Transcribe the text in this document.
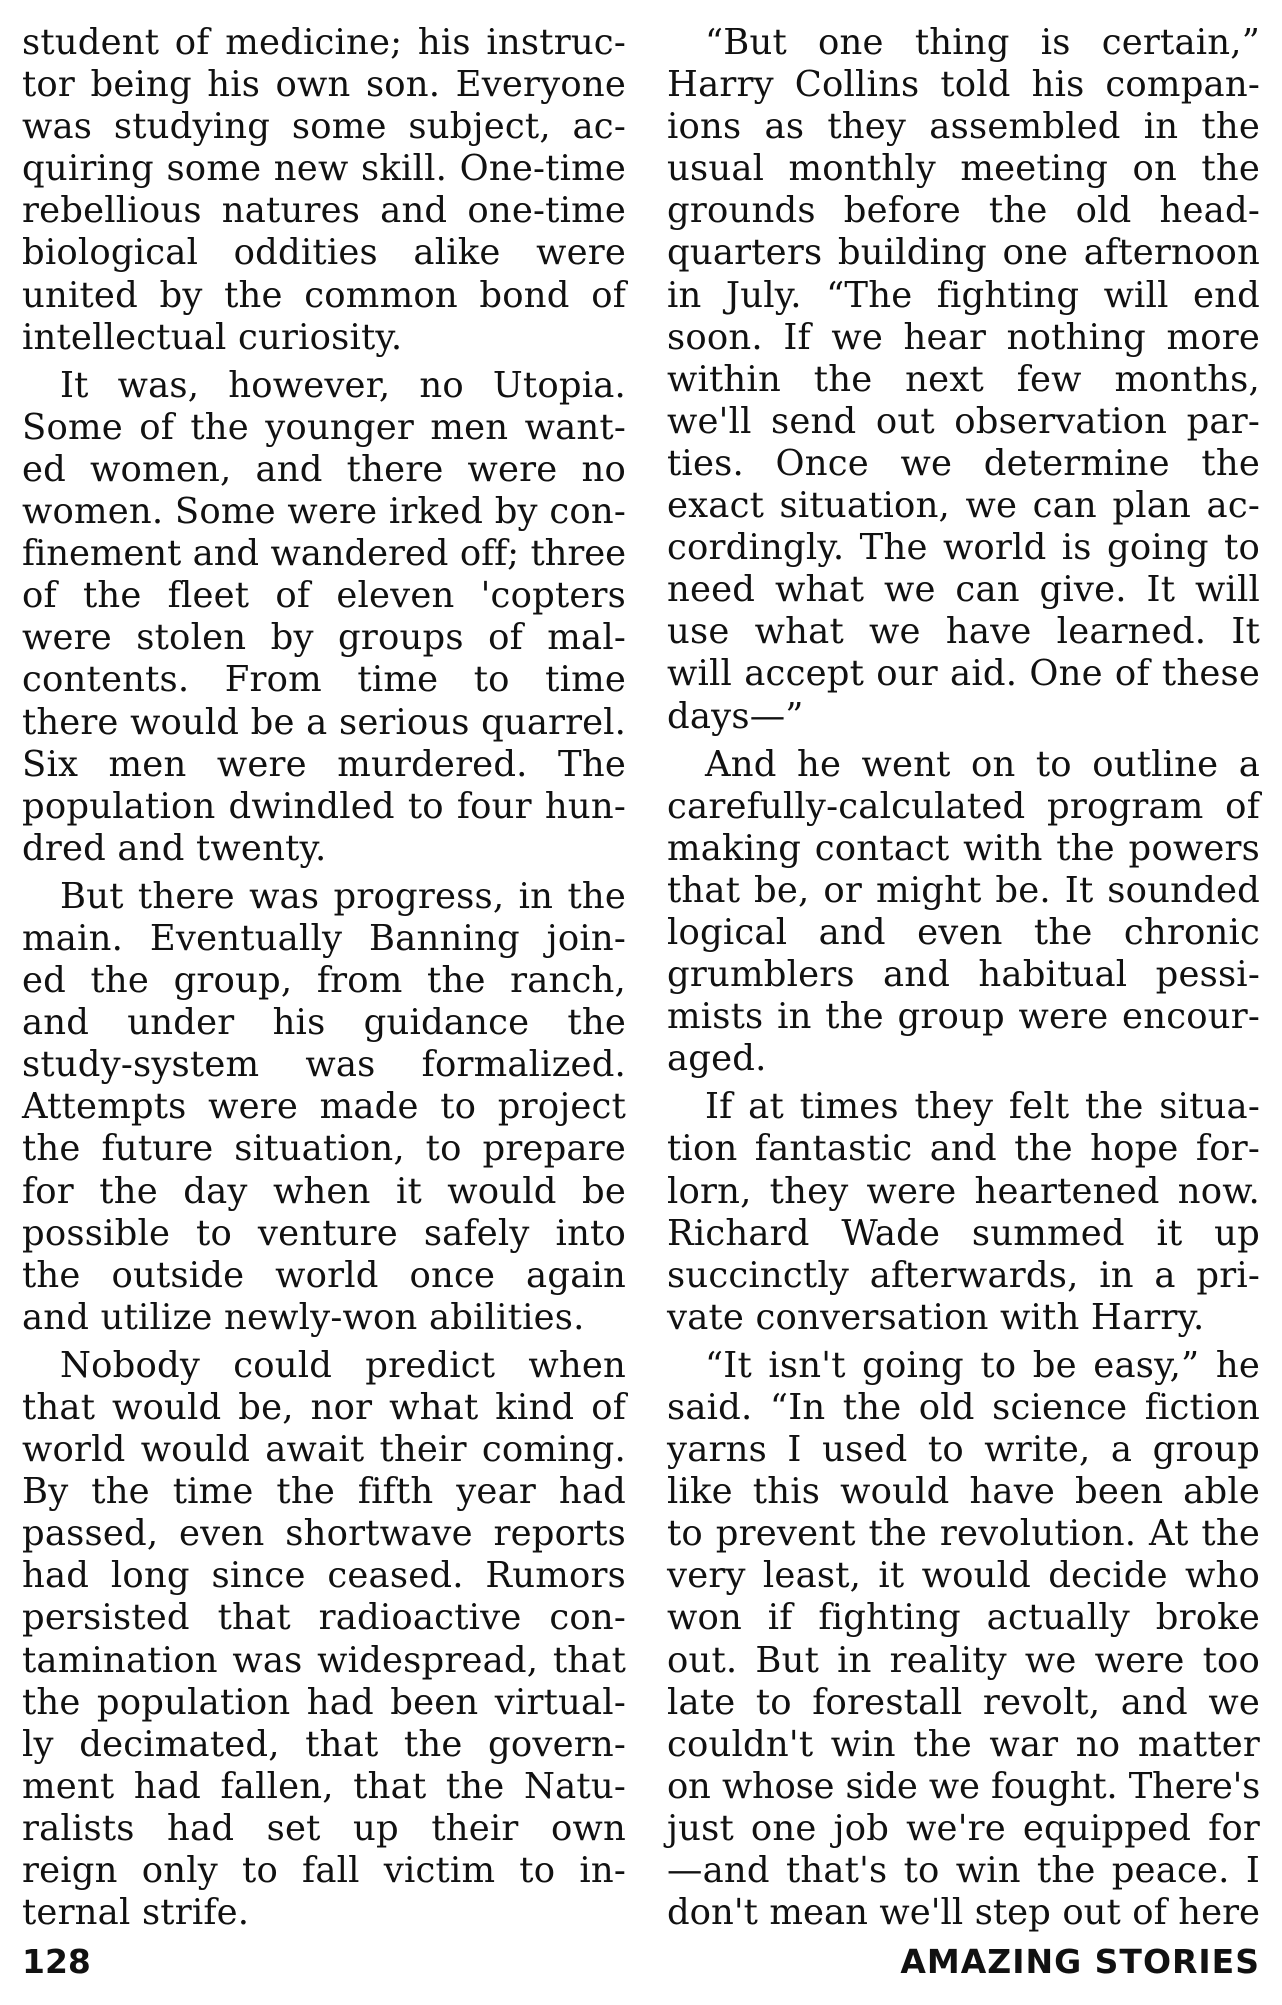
student of medicine; his instruc-
tor being his own son. Everyone
was studying some subject, ac-
quiring some new skill. One-time
rebellious natures and one-time
biological oddities alike were
united by the common bond of
intellectual curiosity.

It was, however, no Utopia.
Some of the younger men want-
ed women, and there were no
women. Some were irked by con-
finement and wandered off; three
of the fleet of eleven 'copters
were stolen by groups of mal-
contents. From time to time
there would be a serious quarrel.
Six men were murdered. The
population dwindled to four hun-
dred and twenty.

But there was progress, in the
main. Eventually Banning join-
ed the group, from the ranch,
and under his guidance the
study-system was formalized.
Attempts were made to project
the future situation, to prepare
for the day when it would be
possible to venture safely into
the outside world once again
and utilize newly-won abilities.

Nobody could predict when
that would be, nor what kind of
world would await their coming.
By the time the fifth year had
passed, even shortwave reports
had long since ceased. Rumors
persisted that radioactive con-
tamination was widespread, that
the population had been virtual-
ly decimated, that the govern-
ment had fallen, that the Natu-
ralists had set up their own
reign only to fall victim to in-
ternal strife.

“But one thing is certain,”
Harry Collins told his compan-
ions as they assembled in the
usual monthly meeting on the
grounds before the old head-
quarters building one afternoon
in July. “The fighting will end
soon. If we hear nothing more
within the next few months,
we'll send out observation par-
ties. Once we determine the
exact situation, we can plan ac-
cordingly. The world is going to
need what we can give. It will
use what we have learned. It
will accept our aid. One of these
days—”

And he went on to outline a
carefully-calculated program of
making contact with the powers
that be, or might be. It sounded
logical and even the chronic
grumblers and habitual pessi-
mists in the group were encour-
aged.

If at times they felt the situa-
tion fantastic and the hope for-
lorn, they were heartened now.
Richard Wade summed it up
succinctly afterwards, in a pri-
vate conversation with Harry.

“It isn't going to be easy,” he
said. “In the old science fiction
yarns I used to write, a group
like this would have been able
to prevent the revolution. At the
very least, it would decide who
won if fighting actually broke
out. But in reality we were too
late to forestall revolt, and we
couldn't win the war no matter
on whose side we fought. There's
just one job we're equipped for
—and that's to win the peace. I
don't mean we'll step out of here

128	AMAZING STORIES
